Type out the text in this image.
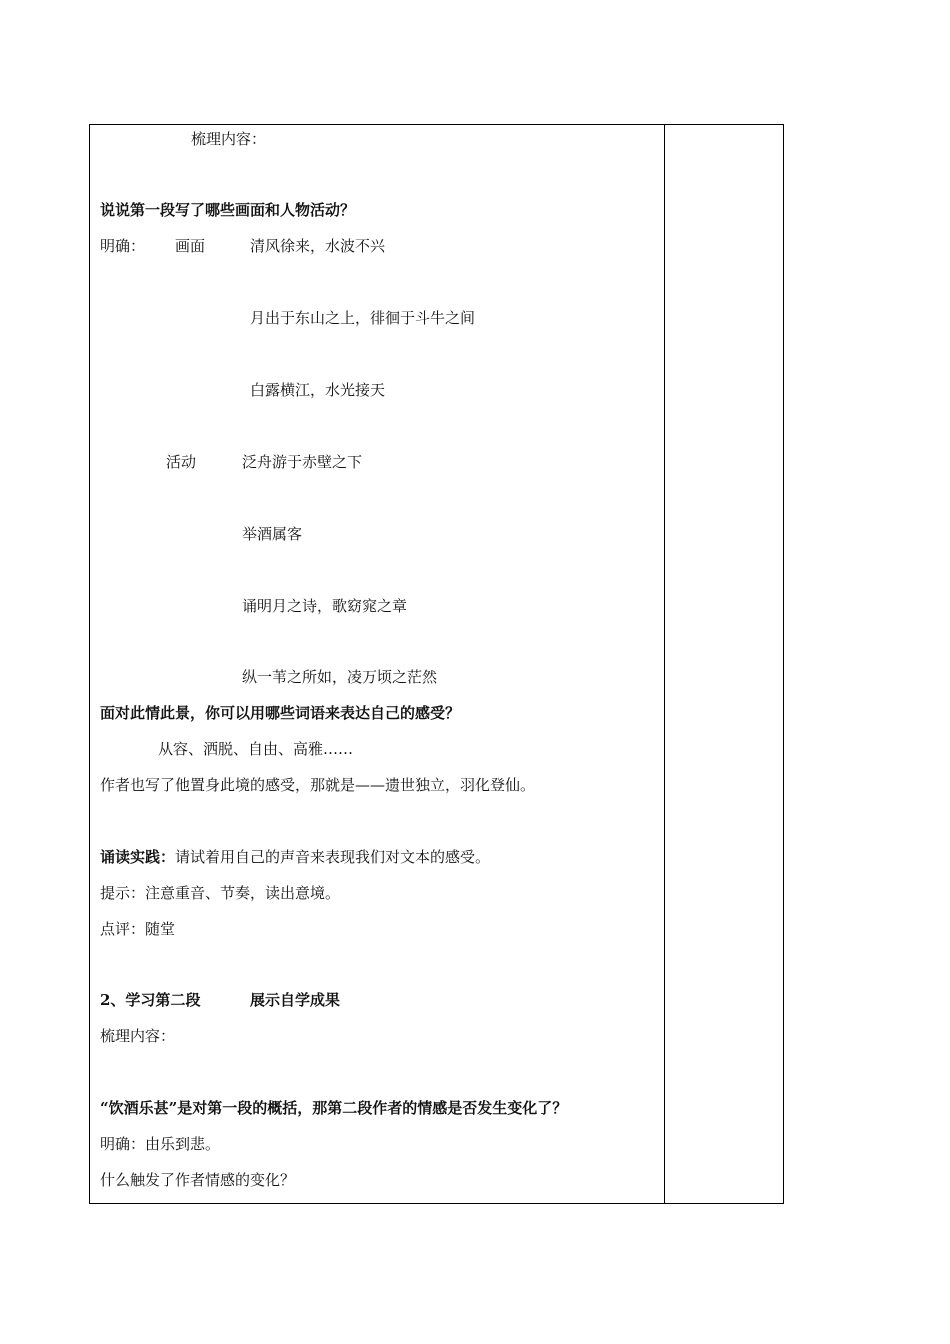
梳理内容：
说说第一段写了哪些画面和人物活动？
明确： 画面	清风徐来，水波不兴
月出于东山之上，徘徊于斗牛之间
白露横江，水光接天
活动	泛舟游于赤壁之下
举酒属客
诵明月之诗，歌窈窕之章
纵一苇之所如，凌万顷之茫然
面对此情此景，你可以用哪些词语来表达自己的感受？
从容、洒脱、自由、高雅……
作者也写了他置身此境的感受，那就是——遗世独立，羽化登仙。
诵读实践：请试着用自己的声音来表现我们对文本的感受。
提示：注意重音、节奏，读出意境。
点评：随堂
2、学习第二段	展示自学成果
梳理内容：
“饮酒乐甚”是对第一段的概括，那第二段作者的情感是否发生变化了？
明确：由乐到悲。
什么触发了作者情感的变化？
